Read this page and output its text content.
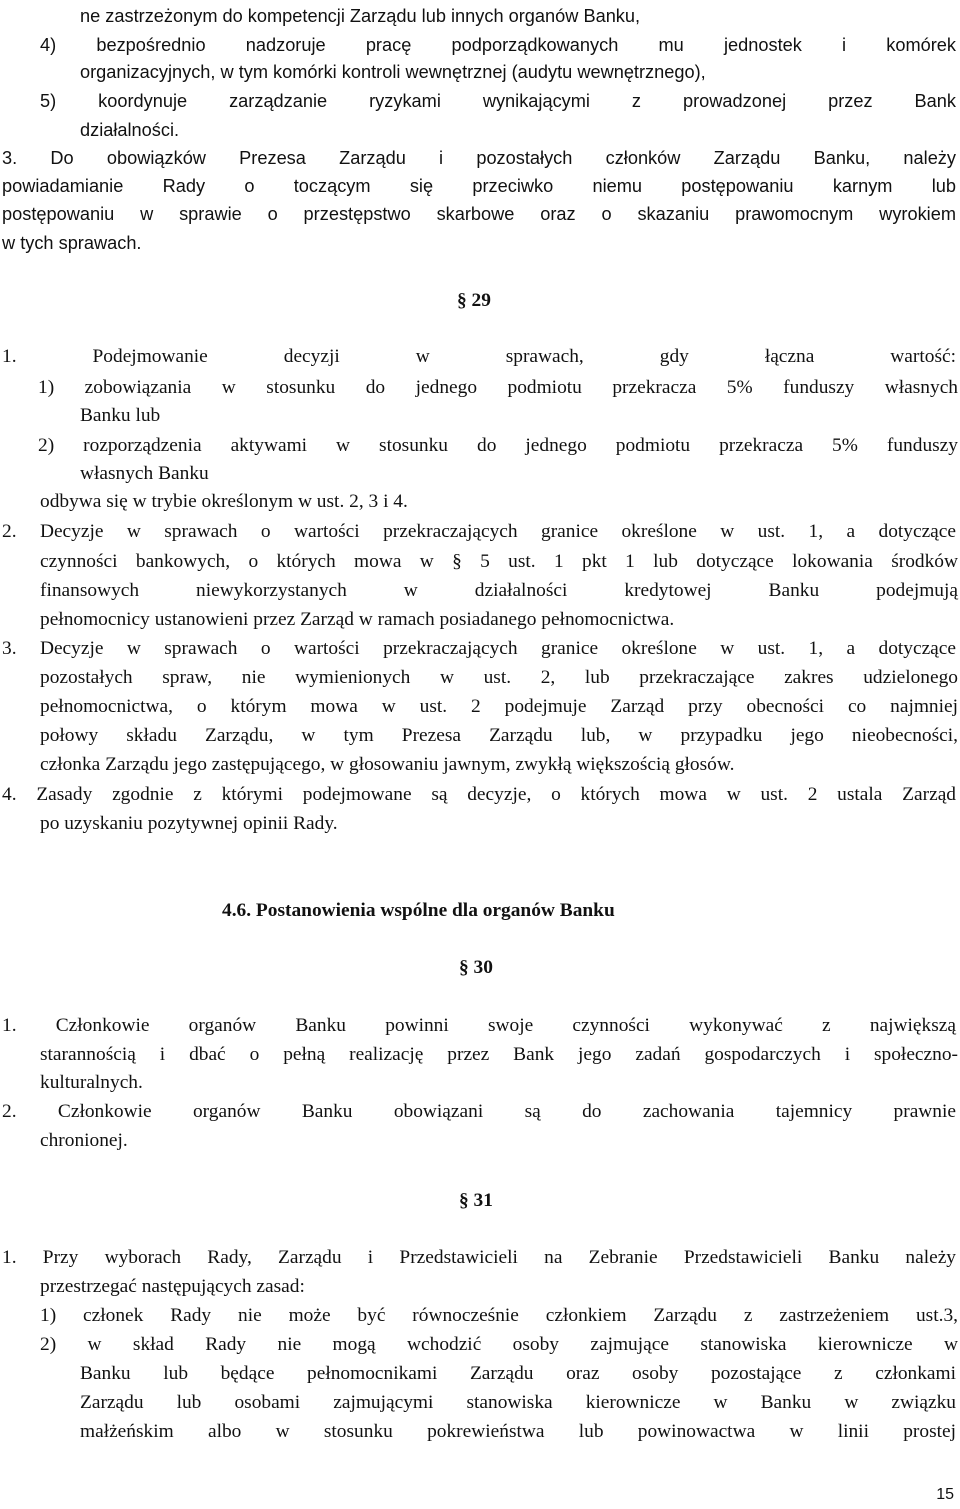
ne zastrzeżonym do kompetencji Zarządu lub innych organów Banku,
4) bezpośrednio nadzoruje pracę podporządkowanych mu jednostek i komórek
organizacyjnych, w tym komórki kontroli wewnętrznej (audytu wewnętrznego),
5) koordynuje zarządzanie ryzykami wynikającymi z prowadzonej przez Bank
działalności.
3. Do obowiązków Prezesa Zarządu i pozostałych członków Zarządu Banku, należy
powiadamianie Rady o toczącym się przeciwko niemu postępowaniu karnym lub
postępowaniu w sprawie o przestępstwo skarbowe oraz o skazaniu prawomocnym wyrokiem
w tych sprawach.
§ 29
1. Podejmowanie decyzji w sprawach, gdy łączna wartość:
1) zobowiązania w stosunku do jednego podmiotu przekracza 5% funduszy własnych
Banku lub
2) rozporządzenia aktywami w stosunku do jednego podmiotu przekracza 5% funduszy
własnych Banku
odbywa się w trybie określonym w ust. 2, 3 i 4.
2. Decyzje w sprawach o wartości przekraczających granice określone w ust. 1, a dotyczące
czynności bankowych, o których mowa w § 5 ust. 1 pkt 1 lub dotyczące lokowania środków
finansowych niewykorzystanych w działalności kredytowej Banku podejmują
pełnomocnicy ustanowieni przez Zarząd w ramach posiadanego pełnomocnictwa.
3. Decyzje w sprawach o wartości przekraczających granice określone w ust. 1, a dotyczące
pozostałych spraw, nie wymienionych w ust. 2, lub przekraczające zakres udzielonego
pełnomocnictwa, o którym mowa w ust. 2 podejmuje Zarząd przy obecności co najmniej
połowy składu Zarządu, w tym Prezesa Zarządu lub, w przypadku jego nieobecności,
członka Zarządu jego zastępującego, w głosowaniu jawnym, zwykłą większością głosów.
4. Zasady zgodnie z którymi podejmowane są decyzje, o których mowa w ust. 2 ustala Zarząd
po uzyskaniu pozytywnej opinii Rady.
4.6. Postanowienia wspólne dla organów Banku
§ 30
1. Członkowie organów Banku powinni swoje czynności wykonywać z największą
starannością i dbać o pełną realizację przez Bank jego zadań gospodarczych i społeczno-
kulturalnych.
2. Członkowie organów Banku obowiązani są do zachowania tajemnicy prawnie
chronionej.
§ 31
1. Przy wyborach Rady, Zarządu i Przedstawicieli na Zebranie Przedstawicieli Banku należy
przestrzegać następujących zasad:
1) członek Rady nie może być równocześnie członkiem Zarządu z zastrzeżeniem ust.3,
2) w skład Rady nie mogą wchodzić osoby zajmujące stanowiska kierownicze w
Banku lub będące pełnomocnikami Zarządu oraz osoby pozostające z członkami
Zarządu lub osobami zajmującymi stanowiska kierownicze w Banku w związku
małżeńskim albo w stosunku pokrewieństwa lub powinowactwa w linii prostej
15
